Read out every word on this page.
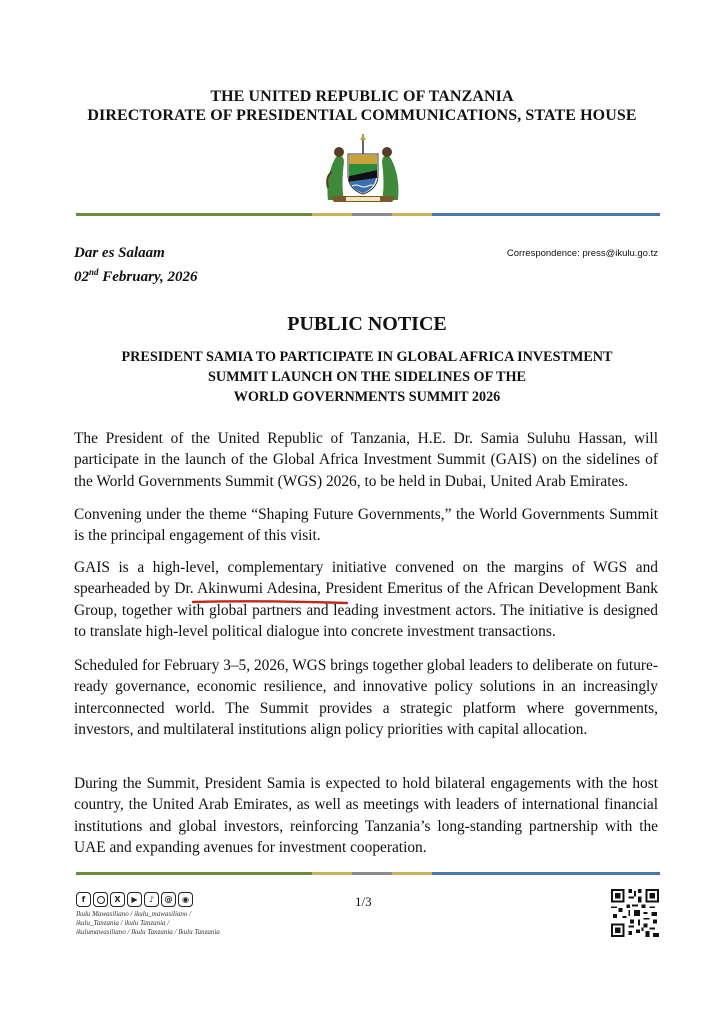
THE UNITED REPUBLIC OF TANZANIA
DIRECTORATE OF PRESIDENTIAL COMMUNICATIONS, STATE HOUSE
Dar es Salaam
02nd February, 2026
Correspondence: press@ikulu.go.tz
PUBLIC NOTICE
PRESIDENT SAMIA TO PARTICIPATE IN GLOBAL AFRICA INVESTMENT
SUMMIT LAUNCH ON THE SIDELINES OF THE
WORLD GOVERNMENTS SUMMIT 2026

The President of the United Republic of Tanzania, H.E. Dr. Samia Suluhu Hassan, will participate in the launch of the Global Africa Investment Summit (GAIS) on the sidelines of the World Governments Summit (WGS) 2026, to be held in Dubai, United Arab Emirates.

Convening under the theme “Shaping Future Governments,” the World Governments Summit is the principal engagement of this visit.

GAIS is a high-level, complementary initiative convened on the margins of WGS and spearheaded by Dr. Akinwumi Adesina, President Emeritus of the African Development Bank Group, together with global partners and leading investment actors. The initiative is designed to translate high-level political dialogue into concrete investment transactions.

Scheduled for February 3–5, 2026, WGS brings together global leaders to deliberate on future-ready governance, economic resilience, and innovative policy solutions in an increasingly interconnected world. The Summit provides a strategic platform where governments, investors, and multilateral institutions align policy priorities with capital allocation.

During the Summit, President Samia is expected to hold bilateral engagements with the host country, the United Arab Emirates, as well as meetings with leaders of international financial institutions and global investors, reinforcing Tanzania’s long-standing partnership with the UAE and expanding avenues for investment cooperation.

f	X	▶	♪	@	◉
Ikulu Mawasiliano / ikulu_mawasiliano /
ikulu_Tanzania / ikulu Tanzania /
ikulumawasiliano / Ikulu Tanzania / Ikulu Tanzania
1/3
